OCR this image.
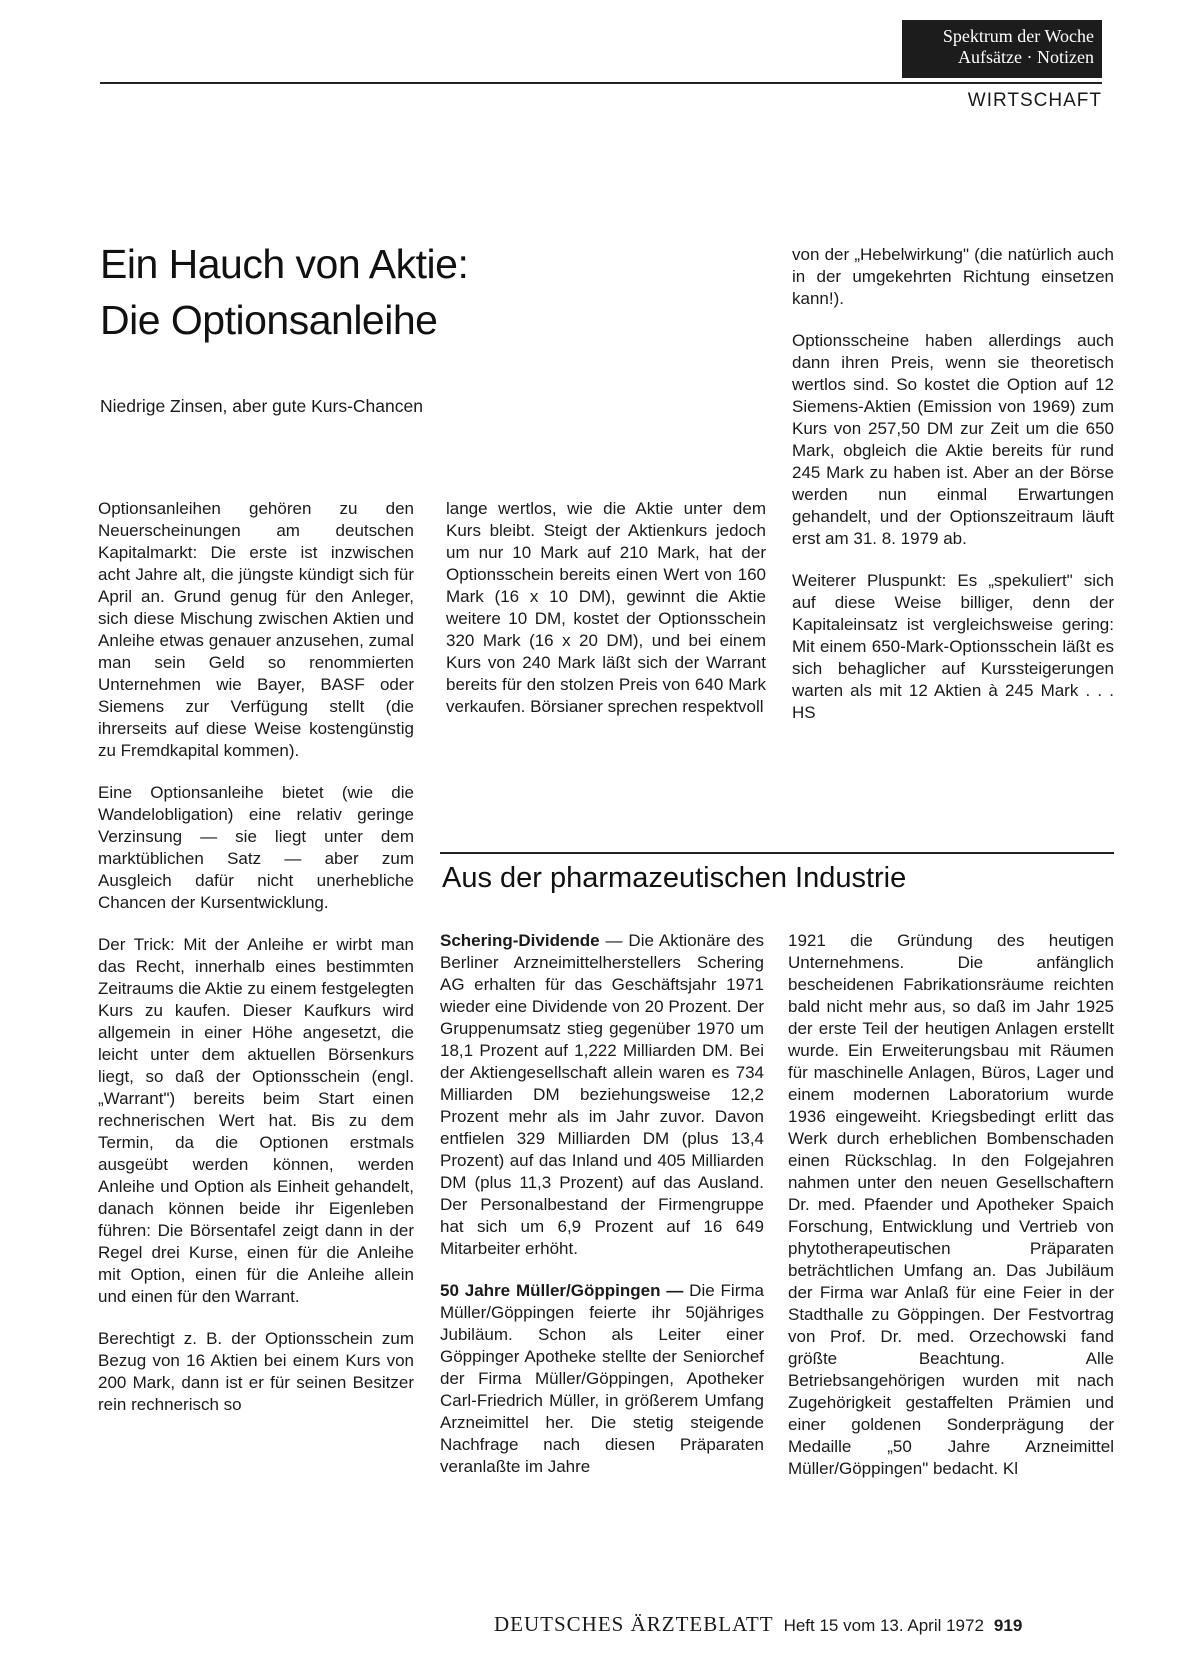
Spektrum der Woche
Aufsätze · Notizen
WIRTSCHAFT
Ein Hauch von Aktie:
Die Optionsanleihe
Niedrige Zinsen, aber gute Kurs-Chancen

Optionsanleihen gehören zu den Neuerscheinungen am deutschen Kapitalmarkt: Die erste ist inzwischen acht Jahre alt, die jüngste kündigt sich für April an. Grund genug für den Anleger, sich diese Mischung zwischen Aktien und Anleihe etwas genauer anzusehen, zumal man sein Geld so renommierten Unternehmen wie Bayer, BASF oder Siemens zur Verfügung stellt (die ihrerseits auf diese Weise kostengünstig zu Fremdkapital kommen).

Eine Optionsanleihe bietet (wie die Wandelobligation) eine relativ geringe Verzinsung — sie liegt unter dem marktüblichen Satz — aber zum Ausgleich dafür nicht unerhebliche Chancen der Kursentwicklung.

Der Trick: Mit der Anleihe er wirbt man das Recht, innerhalb eines bestimmten Zeitraums die Aktie zu einem festgelegten Kurs zu kaufen. Dieser Kaufkurs wird allgemein in einer Höhe angesetzt, die leicht unter dem aktuellen Börsenkurs liegt, so daß der Optionsschein (engl. „Warrant") bereits beim Start einen rechnerischen Wert hat. Bis zu dem Termin, da die Optionen erstmals ausgeübt werden können, werden Anleihe und Option als Einheit gehandelt, danach können beide ihr Eigenleben führen: Die Börsentafel zeigt dann in der Regel drei Kurse, einen für die Anleihe mit Option, einen für die Anleihe allein und einen für den Warrant.

Berechtigt z. B. der Optionsschein zum Bezug von 16 Aktien bei einem Kurs von 200 Mark, dann ist er für seinen Besitzer rein rechnerisch so

lange wertlos, wie die Aktie unter dem Kurs bleibt. Steigt der Aktienkurs jedoch um nur 10 Mark auf 210 Mark, hat der Optionsschein bereits einen Wert von 160 Mark (16 x 10 DM), gewinnt die Aktie weitere 10 DM, kostet der Optionsschein 320 Mark (16 x 20 DM), und bei einem Kurs von 240 Mark läßt sich der Warrant bereits für den stolzen Preis von 640 Mark verkaufen. Börsianer sprechen respektvoll

von der „Hebelwirkung" (die natürlich auch in der umgekehrten Richtung einsetzen kann!).

Optionsscheine haben allerdings auch dann ihren Preis, wenn sie theoretisch wertlos sind. So kostet die Option auf 12 Siemens-Aktien (Emission von 1969) zum Kurs von 257,50 DM zur Zeit um die 650 Mark, obgleich die Aktie bereits für rund 245 Mark zu haben ist. Aber an der Börse werden nun einmal Erwartungen gehandelt, und der Optionszeitraum läuft erst am 31. 8. 1979 ab.

Weiterer Pluspunkt: Es „spekuliert" sich auf diese Weise billiger, denn der Kapitaleinsatz ist vergleichsweise gering: Mit einem 650-Mark-Optionsschein läßt es sich behaglicher auf Kurssteigerungen warten als mit 12 Aktien à 245 Mark . . . HS

Aus der pharmazeutischen Industrie

Schering-Dividende — Die Aktionäre des Berliner Arzneimittelherstellers Schering AG erhalten für das Geschäftsjahr 1971 wieder eine Dividende von 20 Prozent. Der Gruppenumsatz stieg gegenüber 1970 um 18,1 Prozent auf 1,222 Milliarden DM. Bei der Aktiengesellschaft allein waren es 734 Milliarden DM beziehungsweise 12,2 Prozent mehr als im Jahr zuvor. Davon entfielen 329 Milliarden DM (plus 13,4 Prozent) auf das Inland und 405 Milliarden DM (plus 11,3 Prozent) auf das Ausland. Der Personalbestand der Firmengruppe hat sich um 6,9 Prozent auf 16 649 Mitarbeiter erhöht.

50 Jahre Müller/Göppingen — Die Firma Müller/Göppingen feierte ihr 50jähriges Jubiläum. Schon als Leiter einer Göppinger Apotheke stellte der Seniorchef der Firma Müller/Göppingen, Apotheker Carl-Friedrich Müller, in größerem Umfang Arzneimittel her. Die stetig steigende Nachfrage nach diesen Präparaten veranlaßte im Jahre

1921 die Gründung des heutigen Unternehmens. Die anfänglich bescheidenen Fabrikationsräume reichten bald nicht mehr aus, so daß im Jahr 1925 der erste Teil der heutigen Anlagen erstellt wurde. Ein Erweiterungsbau mit Räumen für maschinelle Anlagen, Büros, Lager und einem modernen Laboratorium wurde 1936 eingeweiht. Kriegsbedingt erlitt das Werk durch erheblichen Bombenschaden einen Rückschlag. In den Folgejahren nahmen unter den neuen Gesellschaftern Dr. med. Pfaender und Apotheker Spaich Forschung, Entwicklung und Vertrieb von phytotherapeutischen Präparaten beträchtlichen Umfang an. Das Jubiläum der Firma war Anlaß für eine Feier in der Stadthalle zu Göppingen. Der Festvortrag von Prof. Dr. med. Orzechowski fand größte Beachtung. Alle Betriebsangehörigen wurden mit nach Zugehörigkeit gestaffelten Prämien und einer goldenen Sonderprägung der Medaille „50 Jahre Arzneimittel Müller/Göppingen" bedacht. Kl

DEUTSCHES ÄRZTEBLATT Heft 15 vom 13. April 1972 919
